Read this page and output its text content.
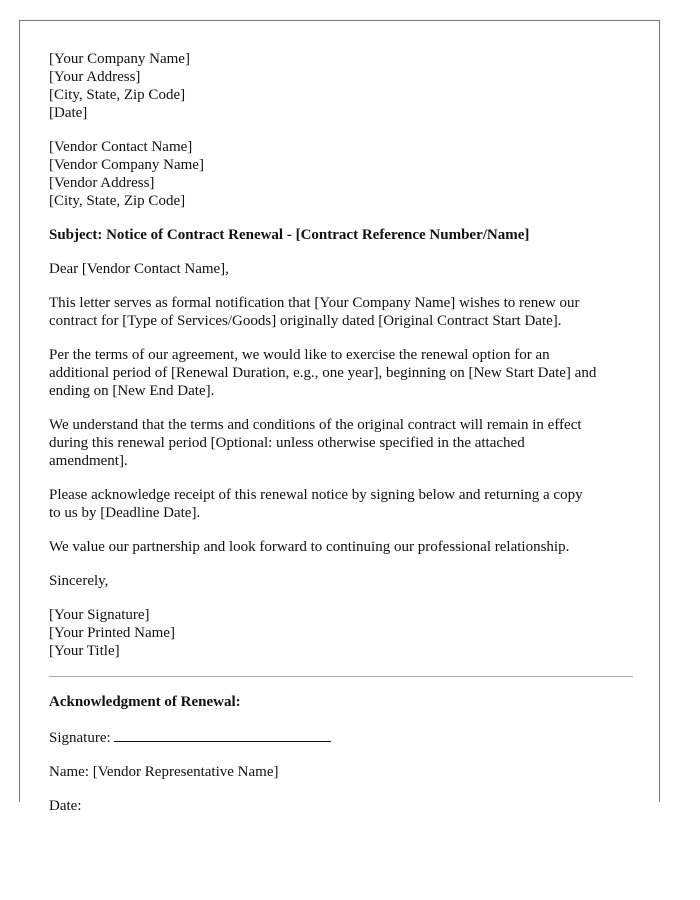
[Your Company Name]
[Your Address]
[City, State, Zip Code]
[Date]
[Vendor Contact Name]
[Vendor Company Name]
[Vendor Address]
[City, State, Zip Code]

Subject: Notice of Contract Renewal - [Contract Reference Number/Name]

Dear [Vendor Contact Name],

This letter serves as formal notification that [Your Company Name] wishes to renew our
contract for [Type of Services/Goods] originally dated [Original Contract Start Date].
Per the terms of our agreement, we would like to exercise the renewal option for an
additional period of [Renewal Duration, e.g., one year], beginning on [New Start Date] and
ending on [New End Date].
We understand that the terms and conditions of the original contract will remain in effect
during this renewal period [Optional: unless otherwise specified in the attached
amendment].
Please acknowledge receipt of this renewal notice by signing below and returning a copy
to us by [Deadline Date].
We value our partnership and look forward to continuing our professional relationship.

Sincerely,

[Your Signature]
[Your Printed Name]
[Your Title]

Acknowledgment of Renewal:

Signature:

Name: [Vendor Representative Name]

Date:
